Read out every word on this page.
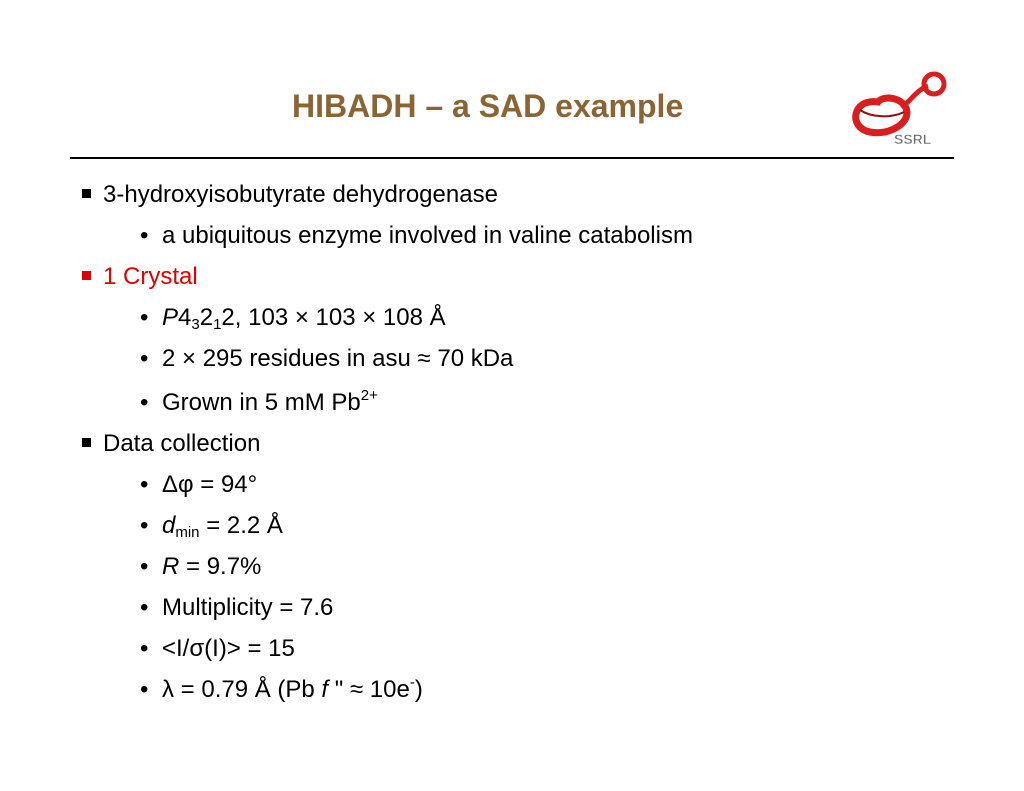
HIBADH – a SAD example
SSRL
3-hydroxyisobutyrate dehydrogenase
• a ubiquitous enzyme involved in valine catabolism
1 Crystal
• $P4_32_12$, 103 × 103 × 108 Å
• 2 × 295 residues in asu ≈ 70 kDa
• Grown in 5 mM $Pb^{2+}$
Data collection
• Δφ = 94°
• $d_{min} = 2.2$ Å
• R = 9.7%
• Multiplicity = 7.6
• <I/σ(I)> = 15
• λ = 0.79 Å (Pb f " ≈ 10e-)
